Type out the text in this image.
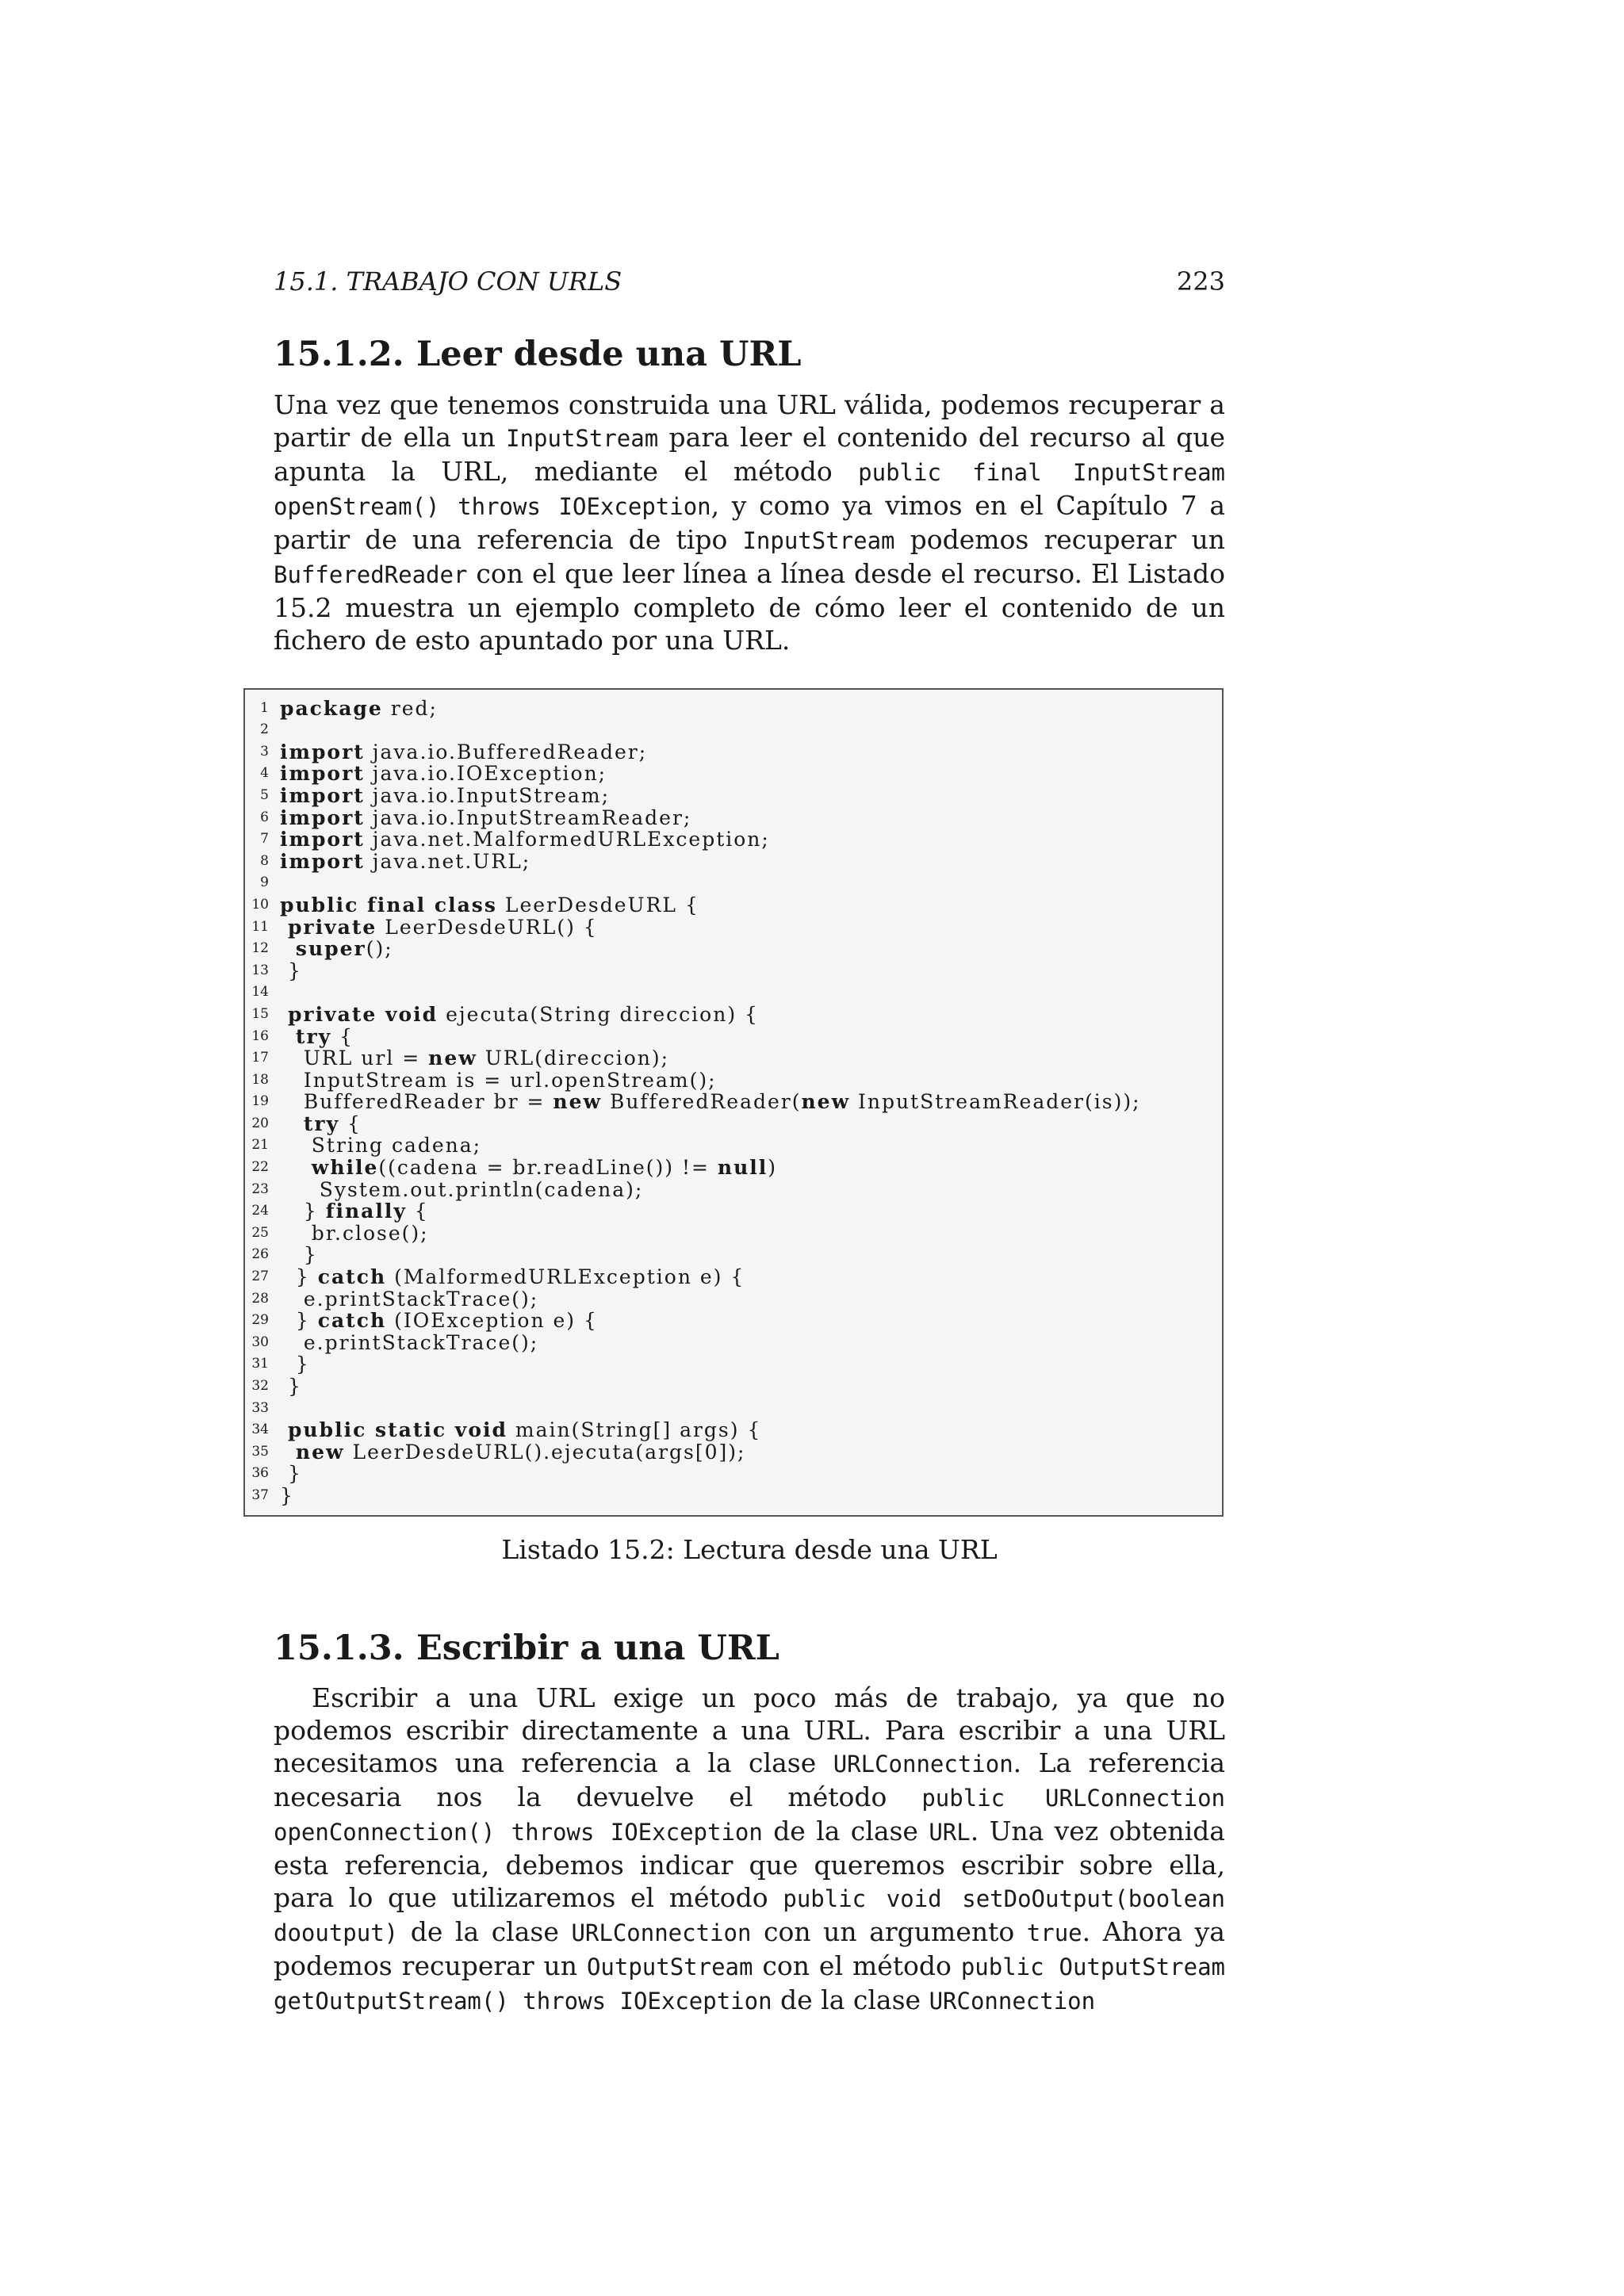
15.1. TRABAJO CON URLS	223
15.1.2. Leer desde una URL

Una vez que tenemos construida una URL válida, podemos recuperar a partir de ella un InputStream para leer el contenido del recurso al que apunta la URL, mediante el método public final InputStream openStream() throws IOException, y como ya vimos en el Capítulo 7 a partir de una referencia de tipo InputStream podemos recuperar un BufferedReader con el que leer línea a línea desde el recurso. El Listado 15.2 muestra un ejemplo completo de cómo leer el contenido de un fichero de esto apuntado por una URL.

1 package red;
2
3 import java.io.BufferedReader;
4 import java.io.IOException;
5 import java.io.InputStream;
6 import java.io.InputStreamReader;
7 import java.net.MalformedURLException;
8 import java.net.URL;
9
10 public final class LeerDesdeURL {
11 private LeerDesdeURL() {
12 super();
13 }
14
15 private void ejecuta(String direccion) {
16 try {
17 URL url = new URL(direccion);
18 InputStream is = url.openStream();
19 BufferedReader br = new BufferedReader(new InputStreamReader(is));
20 try {
21 String cadena;
22 while((cadena = br.readLine()) != null)
23 System.out.println(cadena);
24 } finally {
25 br.close();
26 }
27 } catch (MalformedURLException e) {
28 e.printStackTrace();
29 } catch (IOException e) {
30 e.printStackTrace();
31 }
32 }
33
34 public static void main(String[] args) {
35 new LeerDesdeURL().ejecuta(args[0]);
36 }
37 }
Listado 15.2: Lectura desde una URL
15.1.3. Escribir a una URL

Escribir a una URL exige un poco más de trabajo, ya que no podemos escribir directamente a una URL. Para escribir a una URL necesitamos una referencia a la clase URLConnection. La referencia necesaria nos la devuelve el método public URLConnection openConnection() throws IOException de la clase URL. Una vez obtenida esta referencia, debemos indicar que queremos escribir sobre ella, para lo que utilizaremos el método public void setDoOutput(boolean dooutput) de la clase URLConnection con un argumento true. Ahora ya podemos recuperar un OutputStream con el método public OutputStream getOutputStream() throws IOException de la clase URConnection
